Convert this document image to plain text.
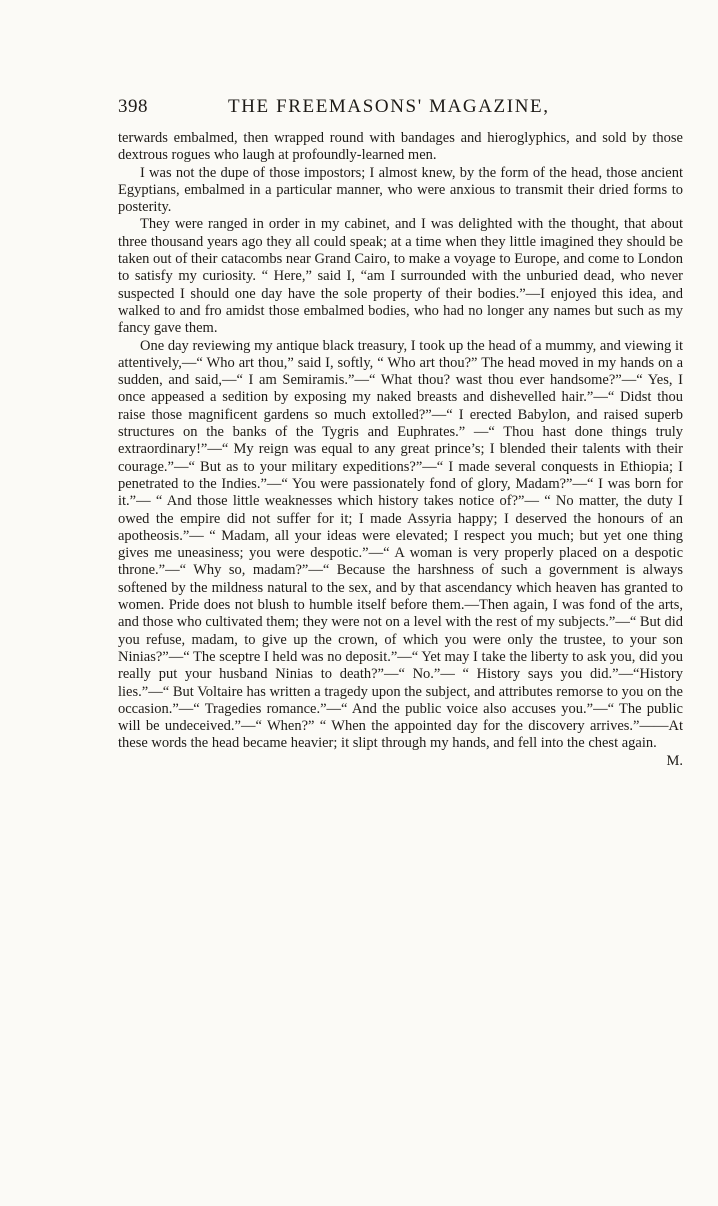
398	THE FREEMASONS' MAGAZINE,

terwards embalmed, then wrapped round with bandages and hieroglyphics, and sold by those dextrous rogues who laugh at profoundly-learned men.

I was not the dupe of those impostors; I almost knew, by the form of the head, those ancient Egyptians, embalmed in a particular manner, who were anxious to transmit their dried forms to posterity.

They were ranged in order in my cabinet, and I was delighted with the thought, that about three thousand years ago they all could speak; at a time when they little imagined they should be taken out of their catacombs near Grand Cairo, to make a voyage to Europe, and come to London to satisfy my curiosity. “ Here,” said I, “am I surrounded with the unburied dead, who never suspected I should one day have the sole property of their bodies.”—I enjoyed this idea, and walked to and fro amidst those embalmed bodies, who had no longer any names but such as my fancy gave them.

One day reviewing my antique black treasury, I took up the head of a mummy, and viewing it attentively,—“ Who art thou,” said I, softly, “ Who art thou?” The head moved in my hands on a sudden, and said,—“ I am Semiramis.”—“ What thou? wast thou ever handsome?”—“ Yes, I once appeased a sedition by exposing my naked breasts and dishevelled hair.”—“ Didst thou raise those magnificent gardens so much extolled?”—“ I erected Babylon, and raised superb structures on the banks of the Tygris and Euphrates.” —“ Thou hast done things truly extraordinary!”—“ My reign was equal to any great prince’s; I blended their talents with their courage.”—“ But as to your military expeditions?”—“ I made several conquests in Ethiopia; I penetrated to the Indies.”—“ You were passionately fond of glory, Madam?”—“ I was born for it.”— “ And those little weaknesses which history takes notice of?”— “ No matter, the duty I owed the empire did not suffer for it; I made Assyria happy; I deserved the honours of an apotheosis.”— “ Madam, all your ideas were elevated; I respect you much; but yet one thing gives me uneasiness; you were despotic.”—“ A woman is very properly placed on a despotic throne.”—“ Why so, madam?”—“ Because the harshness of such a government is always softened by the mildness natural to the sex, and by that ascendancy which heaven has granted to women. Pride does not blush to humble itself before them.—Then again, I was fond of the arts, and those who cultivated them; they were not on a level with the rest of my subjects.”—“ But did you refuse, madam, to give up the crown, of which you were only the trustee, to your son Ninias?”—“ The sceptre I held was no deposit.”—“ Yet may I take the liberty to ask you, did you really put your husband Ninias to death?”—“ No.”— “ History says you did.”—“History lies.”—“ But Voltaire has written a tragedy upon the subject, and attributes remorse to you on the occasion.”—“ Tragedies romance.”—“ And the public voice also accuses you.”—“ The public will be undeceived.”—“ When?” “ When the appointed day for the discovery arrives.”——At these words the head became heavier; it slipt through my hands, and fell into the chest again.

M.
